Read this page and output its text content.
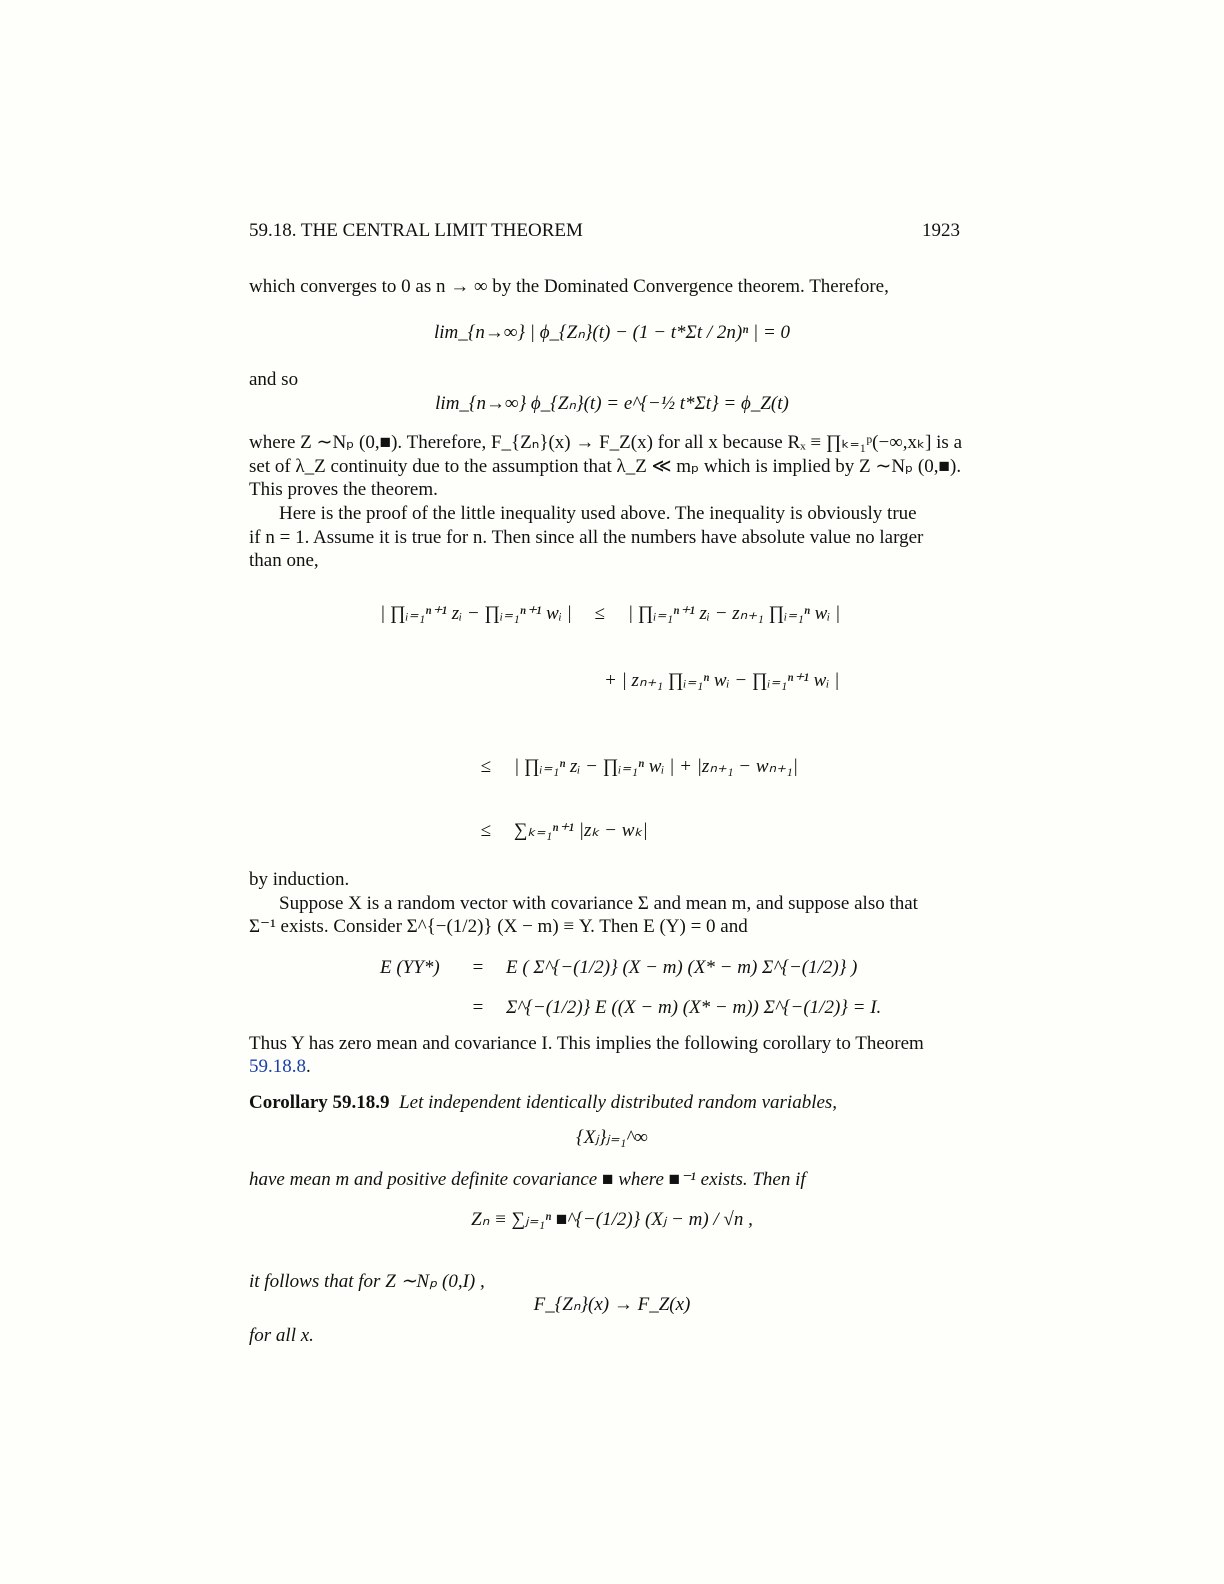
59.18. THE CENTRAL LIMIT THEOREM	1923
which converges to 0 as n → ∞ by the Dominated Convergence theorem. Therefore,
lim_{n→∞} | ϕ_{Zₙ}(t) − (1 − t*Σt / 2n)ⁿ | = 0
and so
lim_{n→∞} ϕ_{Zₙ}(t) = e^{−½ t*Σt} = ϕ_Z(t)
where Z ∼Nₚ (0,■). Therefore, F_{Zₙ}(x) → F_Z(x) for all x because Rₓ ≡ ∏ₖ₌₁ᵖ(−∞,xₖ] is a
set of λ_Z continuity due to the assumption that λ_Z ≪ mₚ which is implied by Z ∼Nₚ (0,■).
This proves the theorem.
Here is the proof of the little inequality used above. The inequality is obviously true
if n = 1. Assume it is true for n. Then since all the numbers have absolute value no larger
than one,
| ∏ᵢ₌₁ⁿ⁺¹ zᵢ − ∏ᵢ₌₁ⁿ⁺¹ wᵢ | ≤ | ∏ᵢ₌₁ⁿ⁺¹ zᵢ − zₙ₊₁ ∏ᵢ₌₁ⁿ wᵢ |
+ | zₙ₊₁ ∏ᵢ₌₁ⁿ wᵢ − ∏ᵢ₌₁ⁿ⁺¹ wᵢ |
≤ | ∏ᵢ₌₁ⁿ zᵢ − ∏ᵢ₌₁ⁿ wᵢ | + |zₙ₊₁ − wₙ₊₁|
≤ ∑ₖ₌₁ⁿ⁺¹ |zₖ − wₖ|
by induction.
Suppose X is a random vector with covariance Σ and mean m, and suppose also that
Σ⁻¹ exists. Consider Σ^{−(1/2)} (X − m) ≡ Y. Then E (Y) = 0 and
E (YY*)	= E ( Σ^{−(1/2)} (X − m) (X* − m) Σ^{−(1/2)} )
= Σ^{−(1/2)} E ((X − m) (X* − m)) Σ^{−(1/2)} = I.
Thus Y has zero mean and covariance I. This implies the following corollary to Theorem
59.18.8.
Corollary 59.18.9 Let independent identically distributed random variables,
{Xⱼ}ⱼ₌₁^∞
have mean m and positive definite covariance ■ where ■⁻¹ exists. Then if
Zₙ ≡ ∑ⱼ₌₁ⁿ ■^{−(1/2)} (Xⱼ − m) / √n ,
it follows that for Z ∼Nₚ (0,I) ,
F_{Zₙ}(x) → F_Z(x)
for all x.
